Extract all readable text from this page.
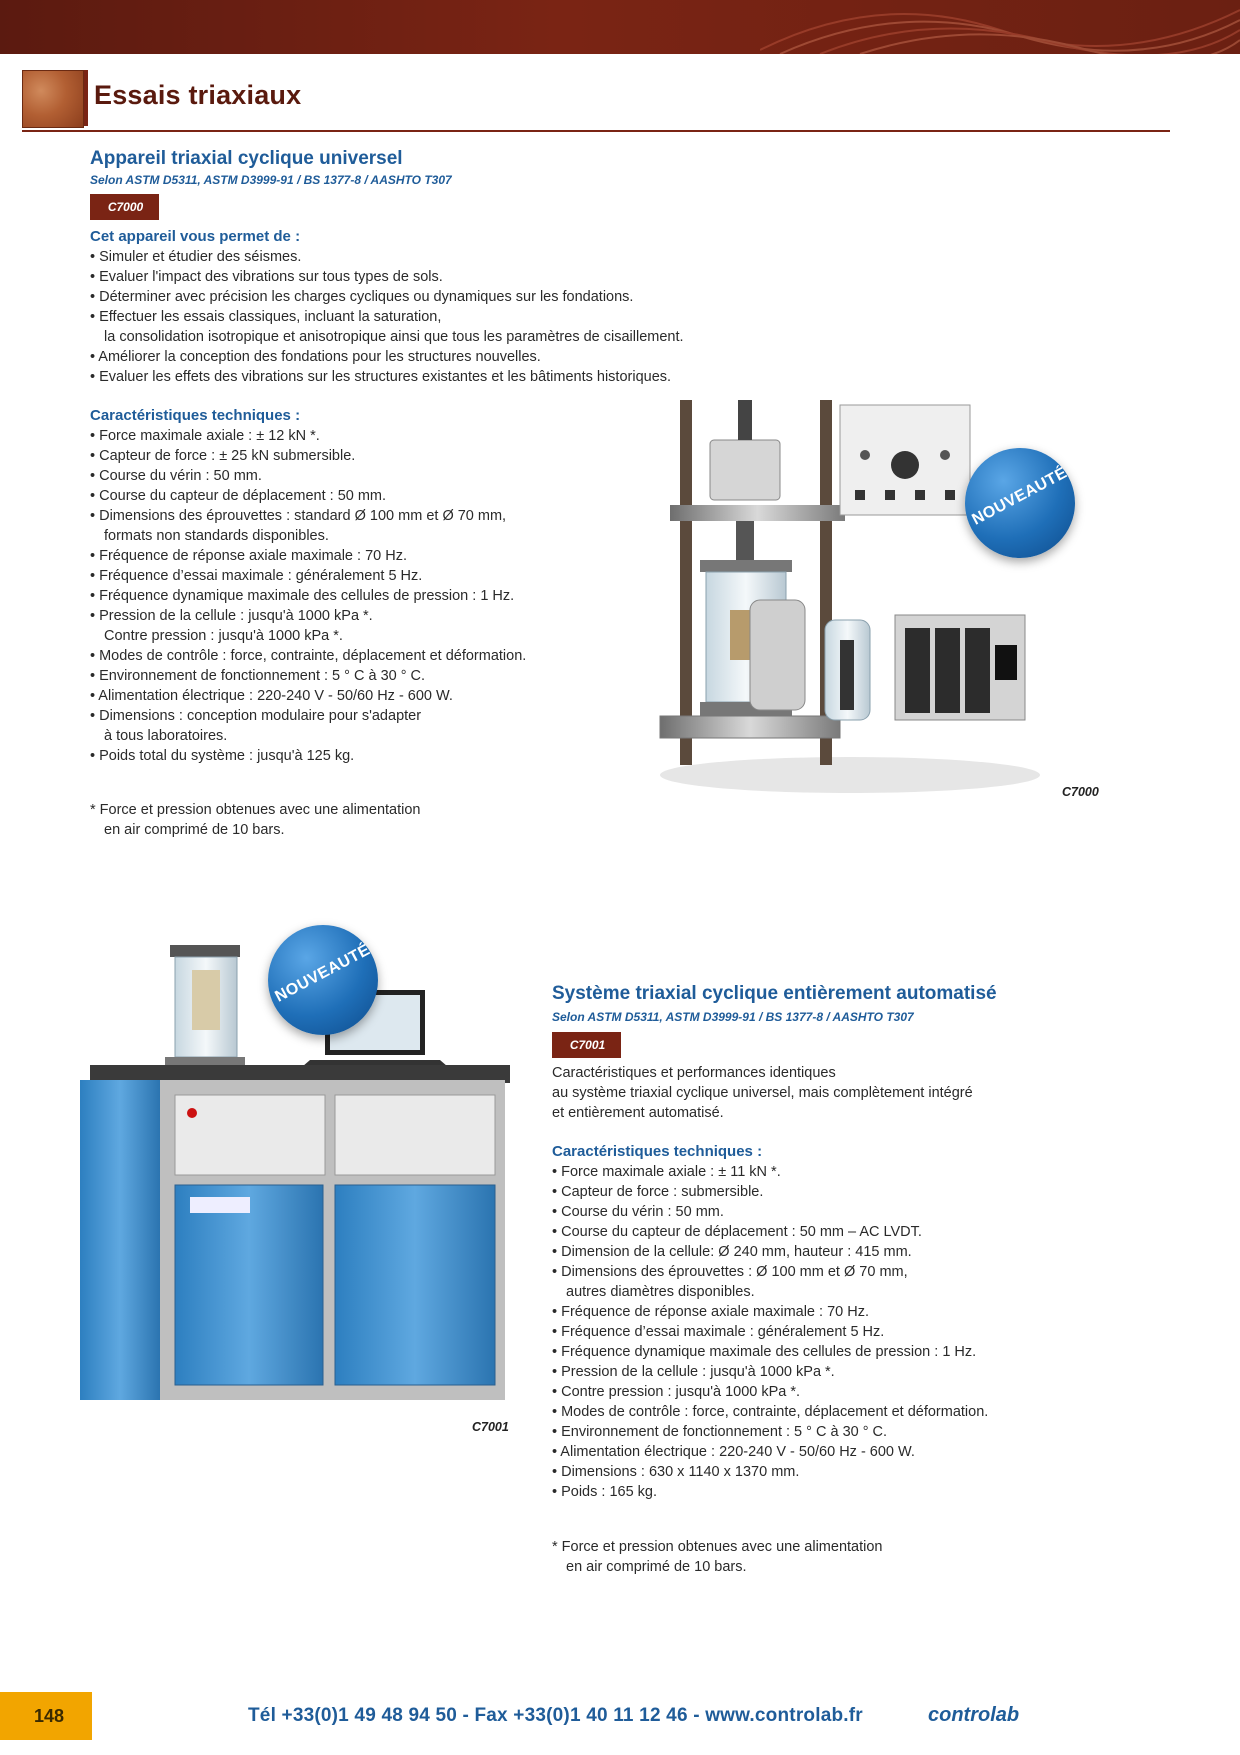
Essais triaxiaux
Appareil triaxial cyclique universel
Selon ASTM D5311, ASTM D3999-91 / BS 1377-8 / AASHTO T307
C7000
Cet appareil vous permet de :
• Simuler et étudier des séismes.
• Evaluer l'impact des vibrations sur tous types de sols.
• Déterminer avec précision les charges cycliques ou dynamiques sur les fondations.
• Effectuer les essais classiques, incluant la saturation,
la consolidation isotropique et anisotropique ainsi que tous les paramètres de cisaillement.
• Améliorer la conception des fondations pour les structures nouvelles.
• Evaluer les effets des vibrations sur les structures existantes et les bâtiments historiques.
Caractéristiques techniques :
• Force maximale axiale : ± 12 kN *.
• Capteur de force : ± 25 kN submersible.
• Course du vérin : 50 mm.
• Course du capteur de déplacement : 50 mm.
• Dimensions des éprouvettes : standard Ø 100 mm et Ø 70 mm,
formats non standards disponibles.
• Fréquence de réponse axiale maximale : 70 Hz.
• Fréquence d’essai maximale : généralement 5 Hz.
• Fréquence dynamique maximale des cellules de pression : 1 Hz.
• Pression de la cellule : jusqu'à 1000 kPa *.
Contre pression : jusqu'à 1000 kPa *.
• Modes de contrôle : force, contrainte, déplacement et déformation.
• Environnement de fonctionnement : 5 ° C à 30 ° C.
• Alimentation électrique : 220-240 V - 50/60 Hz - 600 W.
• Dimensions : conception modulaire pour s'adapter
à tous laboratoires.
• Poids total du système : jusqu'à 125 kg.
* Force et pression obtenues avec une alimentation
en air comprimé de 10 bars.
NOUVEAUTÉ
C7000
NOUVEAUTÉ
C7001
Système triaxial cyclique entièrement automatisé
Selon ASTM D5311, ASTM D3999-91 / BS 1377-8 / AASHTO T307
C7001
Caractéristiques et performances identiques
au système triaxial cyclique universel, mais complètement intégré
et entièrement automatisé.
Caractéristiques techniques :
• Force maximale axiale : ± 11 kN *.
• Capteur de force : submersible.
• Course du vérin : 50 mm.
• Course du capteur de déplacement : 50 mm – AC LVDT.
• Dimension de la cellule: Ø 240 mm, hauteur : 415 mm.
• Dimensions des éprouvettes : Ø 100 mm et Ø 70 mm,
autres diamètres disponibles.
• Fréquence de réponse axiale maximale : 70 Hz.
• Fréquence d’essai maximale : généralement 5 Hz.
• Fréquence dynamique maximale des cellules de pression : 1 Hz.
• Pression de la cellule : jusqu'à 1000 kPa *.
• Contre pression : jusqu'à 1000 kPa *.
• Modes de contrôle : force, contrainte, déplacement et déformation.
• Environnement de fonctionnement : 5 ° C à 30 ° C.
• Alimentation électrique : 220-240 V - 50/60 Hz - 600 W.
• Dimensions : 630 x 1140 x 1370 mm.
• Poids : 165 kg.
* Force et pression obtenues avec une alimentation
en air comprimé de 10 bars.
148	Tél +33(0)1 49 48 94 50 - Fax +33(0)1 40 11 12 46 - www.controlab.fr	controlab
